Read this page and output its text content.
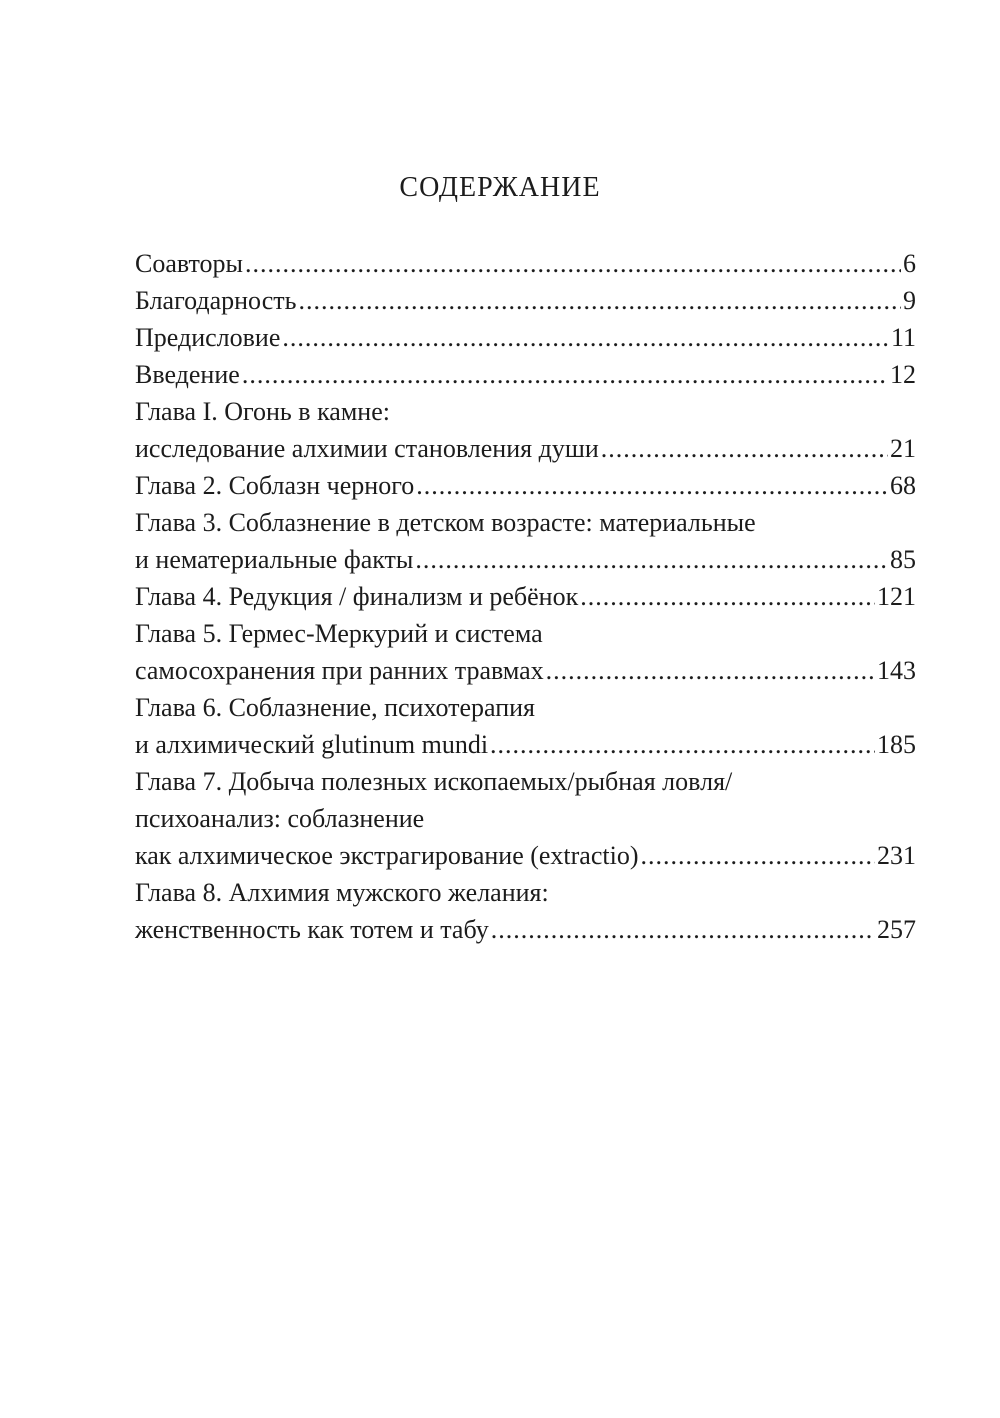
СОДЕРЖАНИЕ
Соавторы .....	6
Благодарность .....	9
Предисловие .....	11
Введение .....	12
Глава I. Огонь в камне:
исследование алхимии становления души .....	21
Глава 2. Соблазн черного .....	68
Глава 3. Соблазнение в детском возрасте: материальные
и нематериальные факты .....	85
Глава 4. Редукция / финализм и ребёнок .....	121
Глава 5. Гермес-Меркурий и система
самосохранения при ранних травмах .....	143
Глава 6. Соблазнение, психотерапия
и алхимический glutinum mundi .....	185
Глава 7. Добыча полезных ископаемых/рыбная ловля/
психоанализ: соблазнение
как алхимическое экстрагирование (extractio) .....	231
Глава 8. Алхимия мужского желания:
женственность как тотем и табу .....	257
